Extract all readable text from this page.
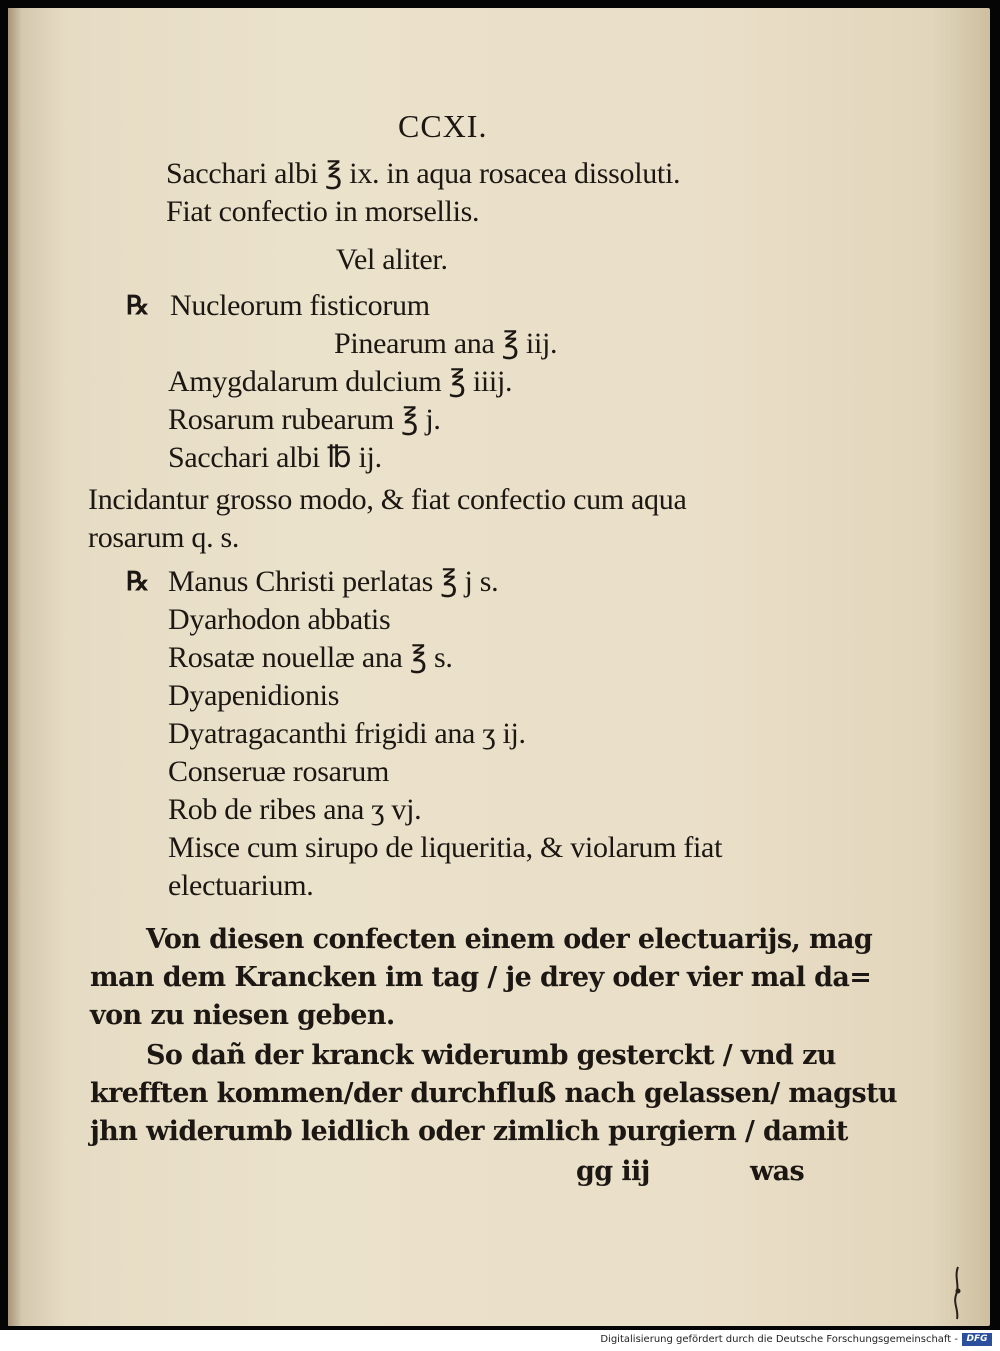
CCXI.
Sacchari albi ℥ ix. in aqua rosacea dissoluti.
Fiat confectio in morsellis.
Vel aliter.
℞ Nucleorum fisticorum
Pinearum ana ℥ iij.
Amygdalarum dulcium ℥ iiij.
Rosarum rubearum ℥ j.
Sacchari albi ℔ ij.
Incidantur grosso modo, & fiat confectio cum aqua
rosarum q. s.
℞ Manus Christi perlatas ℥ j s.
Dyarhodon abbatis
Rosatæ nouellæ ana ℥ s.
Dyapenidionis
Dyatragacanthi frigidi ana ʒ ij.
Conseruæ rosarum
Rob de ribes ana ʒ vj.
Misce cum sirupo de liqueritia, & violarum fiat
electuarium.
Von diesen confecten einem oder electuarijs, mag
man dem Krancken im tag / je drey oder vier mal da=
von zu niesen geben.
So dañ der kranck widerumb gesterckt / vnd zu
krefften kommen/der durchfluß nach gelassen/ magstu
jhn widerumb leidlich oder zimlich purgiern / damit
gg iij	was
Digitalisierung gefördert durch die Deutsche Forschungsgemeinschaft - DFG
